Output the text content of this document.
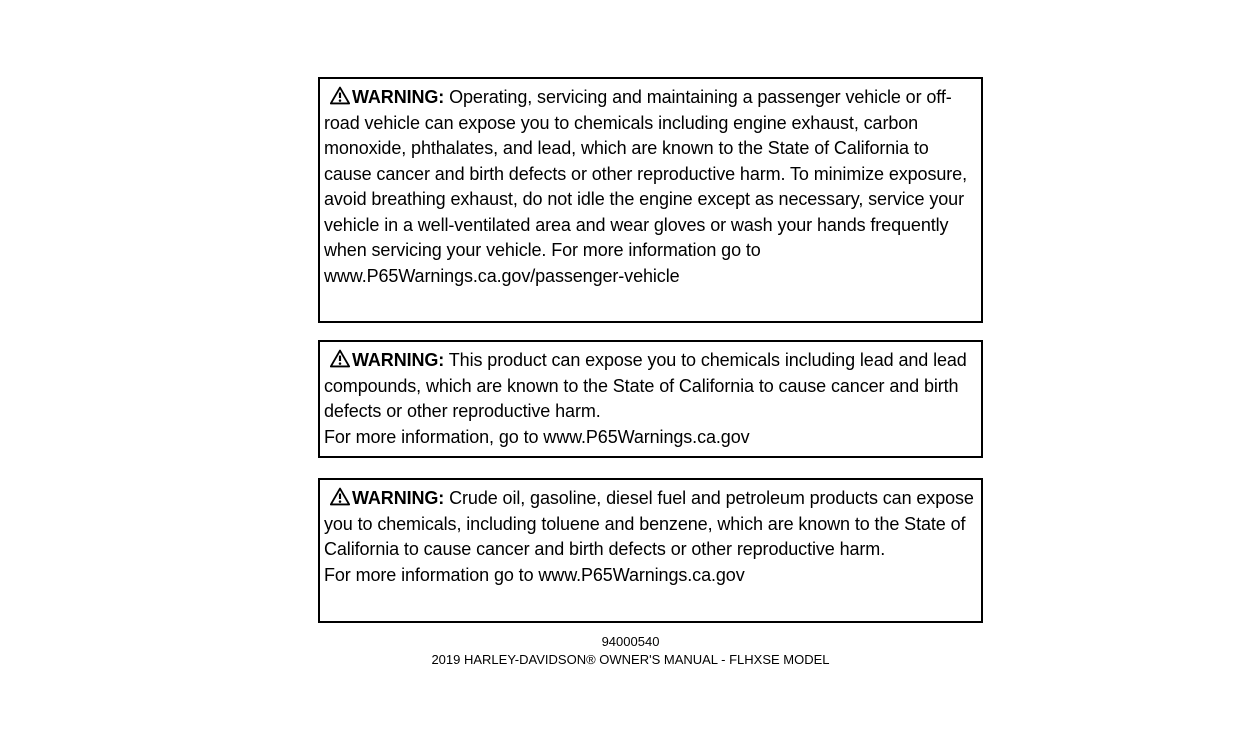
WARNING: Operating, servicing and maintaining a passenger vehicle or off-road vehicle can expose you to chemicals including engine exhaust, carbon monoxide, phthalates, and lead, which are known to the State of California to cause cancer and birth defects or other reproductive harm. To minimize exposure, avoid breathing exhaust, do not idle the engine except as necessary, service your vehicle in a well-ventilated area and wear gloves or wash your hands frequently when servicing your vehicle. For more information go to www.P65Warnings.ca.gov/passenger-vehicle

WARNING: This product can expose you to chemicals including lead and lead compounds, which are known to the State of California to cause cancer and birth defects or other reproductive harm.

For more information, go to www.P65Warnings.ca.gov

WARNING: Crude oil, gasoline, diesel fuel and petroleum products can expose you to chemicals, including toluene and benzene, which are known to the State of California to cause cancer and birth defects or other reproductive harm.

For more information go to www.P65Warnings.ca.gov

94000540
2019 HARLEY-DAVIDSON® OWNER'S MANUAL - FLHXSE MODEL
